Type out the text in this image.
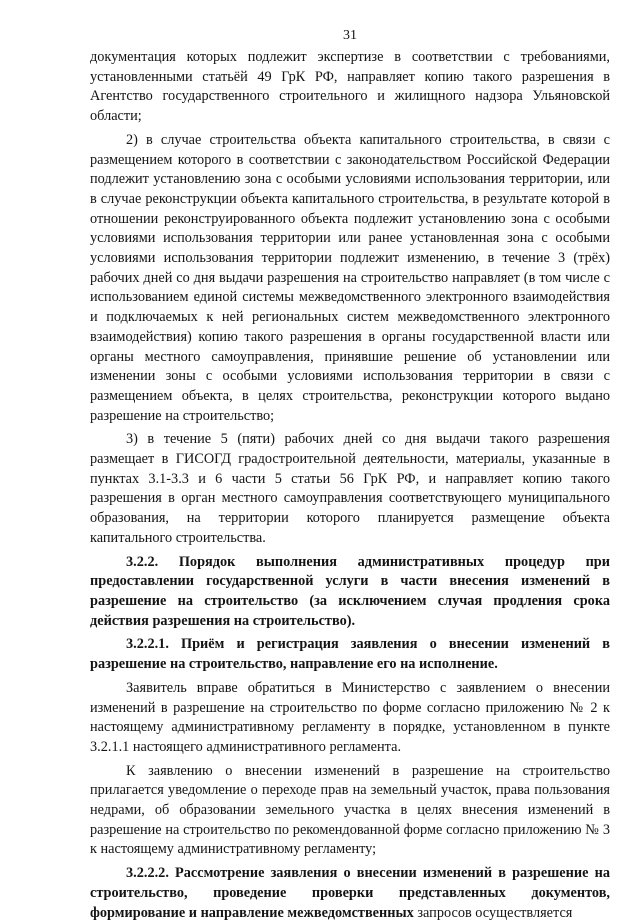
31

документация которых подлежит экспертизе в соответствии с требованиями, установленными статьёй 49 ГрК РФ, направляет копию такого разрешения в Агентство государственного строительного и жилищного надзора Ульяновской области;

2) в случае строительства объекта капитального строительства, в связи с размещением которого в соответствии с законодательством Российской Федерации подлежит установлению зона с особыми условиями использования территории, или в случае реконструкции объекта капитального строительства, в результате которой в отношении реконструированного объекта подлежит установлению зона с особыми условиями использования территории или ранее установленная зона с особыми условиями использования территории подлежит изменению, в течение 3 (трёх) рабочих дней со дня выдачи разрешения на строительство направляет (в том числе с использованием единой системы межведомственного электронного взаимодействия и подключаемых к ней региональных систем межведомственного электронного взаимодействия) копию такого разрешения в органы государственной власти или органы местного самоуправления, принявшие решение об установлении или изменении зоны с особыми условиями использования территории в связи с размещением объекта, в целях строительства, реконструкции которого выдано разрешение на строительство;

3) в течение 5 (пяти) рабочих дней со дня выдачи такого разрешения размещает в ГИСОГД градостроительной деятельности, материалы, указанные в пунктах 3.1-3.3 и 6 части 5 статьи 56 ГрК РФ, и направляет копию такого разрешения в орган местного самоуправления соответствующего муниципального образования, на территории которого планируется размещение объекта капитального строительства.

3.2.2. Порядок выполнения административных процедур при предоставлении государственной услуги в части внесения изменений в разрешение на строительство (за исключением случая продления срока действия разрешения на строительство).

3.2.2.1. Приём и регистрация заявления о внесении изменений в разрешение на строительство, направление его на исполнение.

Заявитель вправе обратиться в Министерство с заявлением о внесении изменений в разрешение на строительство по форме согласно приложению № 2 к настоящему административному регламенту в порядке, установленном в пункте 3.2.1.1 настоящего административного регламента.

К заявлению о внесении изменений в разрешение на строительство прилагается уведомление о переходе прав на земельный участок, права пользования недрами, об образовании земельного участка в целях внесения изменений в разрешение на строительство по рекомендованной форме согласно приложению № 3 к настоящему административному регламенту;

3.2.2.2. Рассмотрение заявления о внесении изменений в разрешение на строительство, проведение проверки представленных документов, формирование и направление межведомственных запросов осуществляется
